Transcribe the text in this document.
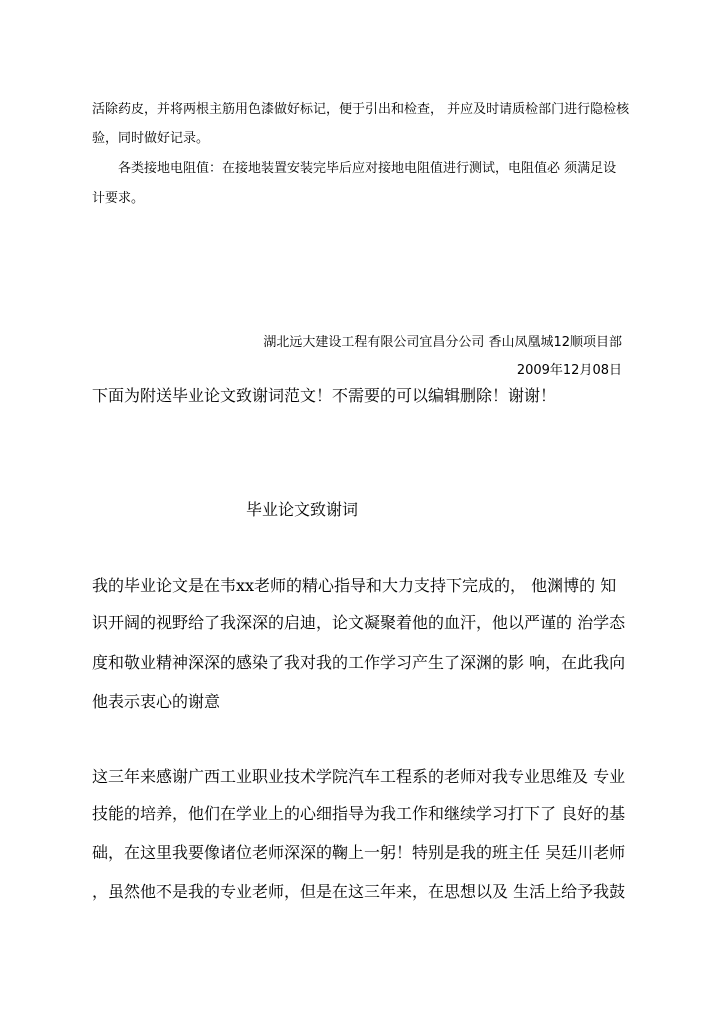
活除药皮，并将两根主筋用色漆做好标记，便于引出和检查， 并应及时请质检部门进行隐检核

验，同时做好记录。

各类接地电阻值：在接地装置安装完毕后应对接地电阻值进行测试，电阻值必 须满足设

计要求。

湖北远大建设工程有限公司宜昌分公司 香山凤凰城12顺项目部

2009年12月08日

下面为附送毕业论文致谢词范文！不需要的可以编辑删除！谢谢！

毕业论文致谢词

我的毕业论文是在韦xx老师的精心指导和大力支持下完成的， 他渊博的 知

识开阔的视野给了我深深的启迪，论文凝聚着他的血汗，他以严谨的 治学态

度和敬业精神深深的感染了我对我的工作学习产生了深渊的影 响，在此我向

他表示衷心的谢意

这三年来感谢广西工业职业技术学院汽车工程系的老师对我专业思维及 专业

技能的培养，他们在学业上的心细指导为我工作和继续学习打下了 良好的基

础，在这里我要像诸位老师深深的鞠上一躬！特别是我的班主任 吴廷川老师

，虽然他不是我的专业老师，但是在这三年来，在思想以及 生活上给予我鼓
